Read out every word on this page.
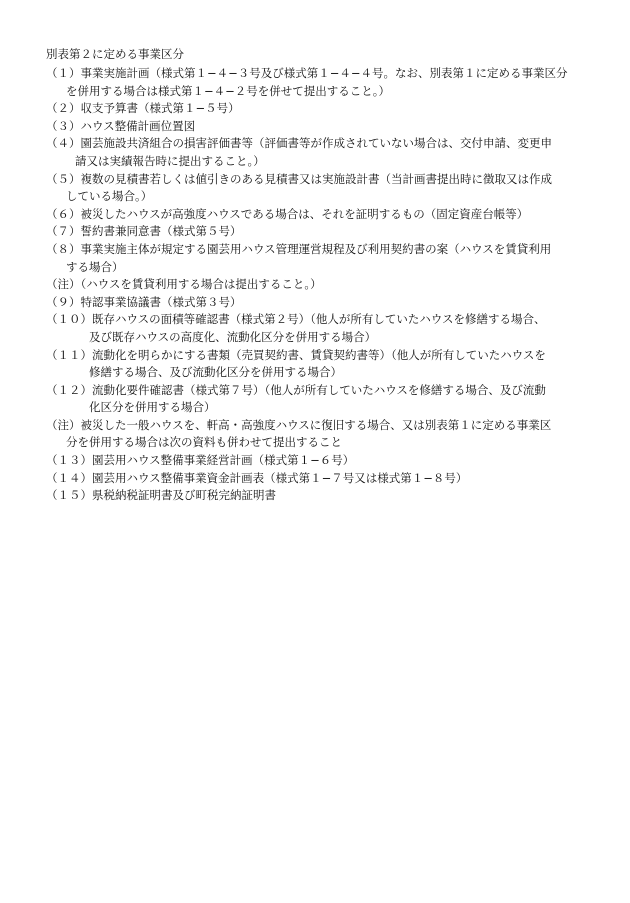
別表第２に定める事業区分
（１）事業実施計画（様式第１−４−３号及び様式第１−４−４号。なお、別表第１に定める事業区分
を併用する場合は様式第１−４−２号を併せて提出すること。）
（２）収支予算書（様式第１−５号）
（３）ハウス整備計画位置図
（４）園芸施設共済組合の損害評価書等（評価書等が作成されていない場合は、交付申請、変更申
請又は実績報告時に提出すること。）
（５）複数の見積書若しくは値引きのある見積書又は実施設計書（当計画書提出時に徴取又は作成
している場合。）
（６）被災したハウスが高強度ハウスである場合は、それを証明するもの（固定資産台帳等）
（７）誓約書兼同意書（様式第５号）
（８）事業実施主体が規定する園芸用ハウス管理運営規程及び利用契約書の案（ハウスを賃貸利用
する場合）
（注）（ハウスを賃貸利用する場合は提出すること。）
（９）特認事業協議書（様式第３号）
（１０）既存ハウスの面積等確認書（様式第２号）（他人が所有していたハウスを修繕する場合、
及び既存ハウスの高度化、流動化区分を併用する場合）
（１１）流動化を明らかにする書類（売買契約書、賃貸契約書等）（他人が所有していたハウスを
修繕する場合、及び流動化区分を併用する場合）
（１２）流動化要件確認書（様式第７号）（他人が所有していたハウスを修繕する場合、及び流動
化区分を併用する場合）
（注）被災した一般ハウスを、軒高・高強度ハウスに復旧する場合、又は別表第１に定める事業区
分を併用する場合は次の資料も併わせて提出すること
（１３）園芸用ハウス整備事業経営計画（様式第１−６号）
（１４）園芸用ハウス整備事業資金計画表（様式第１−７号又は様式第１−８号）
（１５）県税納税証明書及び町税完納証明書
